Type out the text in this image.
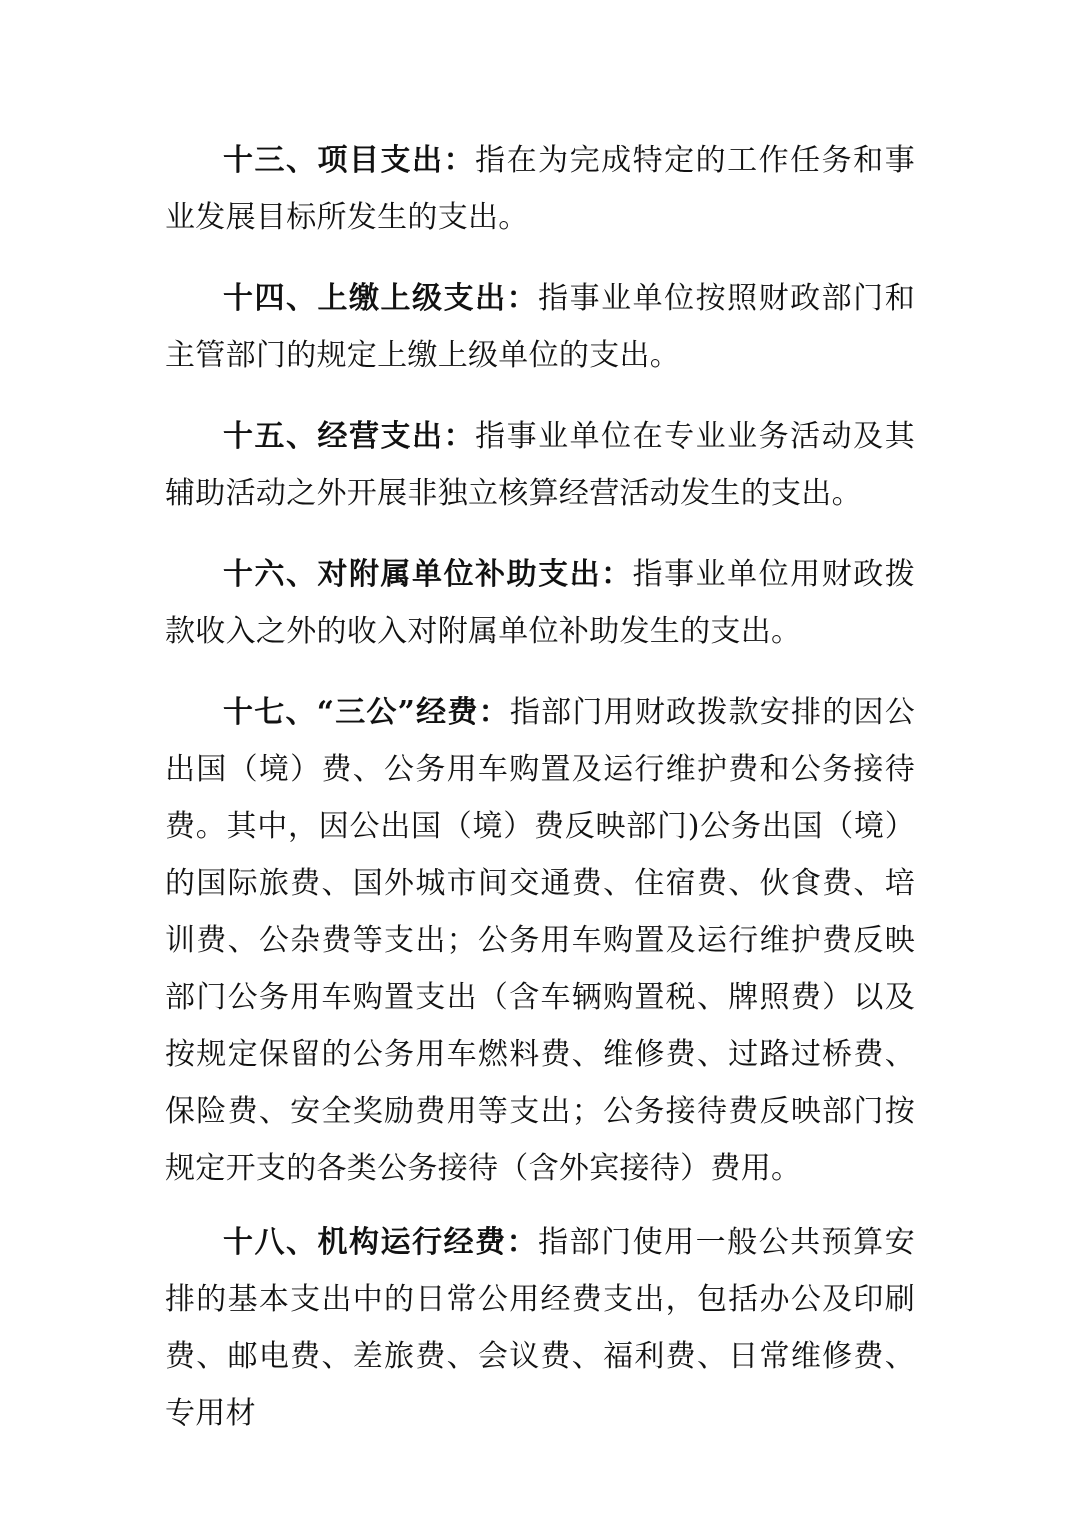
十三、项目支出：指在为完成特定的工作任务和事业发展目标所发生的支出。

十四、上缴上级支出：指事业单位按照财政部门和主管部门的规定上缴上级单位的支出。

十五、经营支出：指事业单位在专业业务活动及其辅助活动之外开展非独立核算经营活动发生的支出。

十六、对附属单位补助支出：指事业单位用财政拨款收入之外的收入对附属单位补助发生的支出。

十七、“三公”经费：指部门用财政拨款安排的因公出国（境）费、公务用车购置及运行维护费和公务接待费。其中，因公出国（境）费反映部门)公务出国（境）的国际旅费、国外城市间交通费、住宿费、伙食费、培训费、公杂费等支出；公务用车购置及运行维护费反映部门公务用车购置支出（含车辆购置税、牌照费）以及按规定保留的公务用车燃料费、维修费、过路过桥费、保险费、安全奖励费用等支出；公务接待费反映部门按规定开支的各类公务接待（含外宾接待）费用。

十八、机构运行经费：指部门使用一般公共预算安排的基本支出中的日常公用经费支出，包括办公及印刷费、邮电费、差旅费、会议费、福利费、日常维修费、专用材
